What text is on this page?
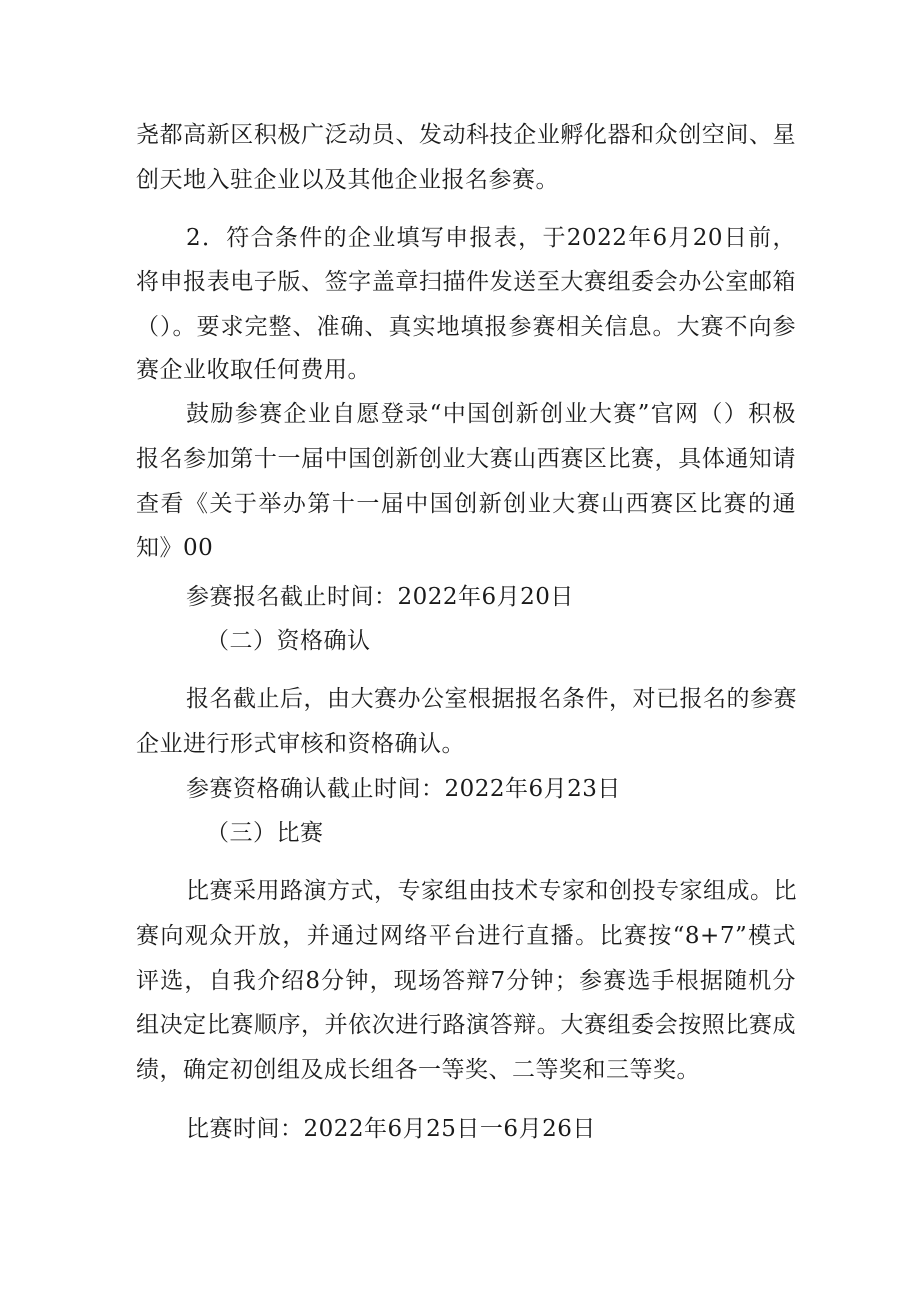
尧都高新区积极广泛动员、发动科技企业孵化器和众创空间、星
创天地入驻企业以及其他企业报名参赛。
2．符合条件的企业填写申报表，于2022年6月20日前，
将申报表电子版、签字盖章扫描件发送至大赛组委会办公室邮箱
（）。要求完整、准确、真实地填报参赛相关信息。大赛不向参
赛企业收取任何费用。
鼓励参赛企业自愿登录“中国创新创业大赛”官网（）积极
报名参加第十一届中国创新创业大赛山西赛区比赛，具体通知请
查看《关于举办第十一届中国创新创业大赛山西赛区比赛的通
知》00
参赛报名截止时间：2022年6月20日
（二）资格确认
报名截止后，由大赛办公室根据报名条件，对已报名的参赛
企业进行形式审核和资格确认。
参赛资格确认截止时间：2022年6月23日
（三）比赛
比赛采用路演方式，专家组由技术专家和创投专家组成。比
赛向观众开放，并通过网络平台进行直播。比赛按“8+7”模式
评选，自我介绍8分钟，现场答辩7分钟；参赛选手根据随机分
组决定比赛顺序，并依次进行路演答辩。大赛组委会按照比赛成
绩，确定初创组及成长组各一等奖、二等奖和三等奖。
比赛时间：2022年6月25日一6月26日
